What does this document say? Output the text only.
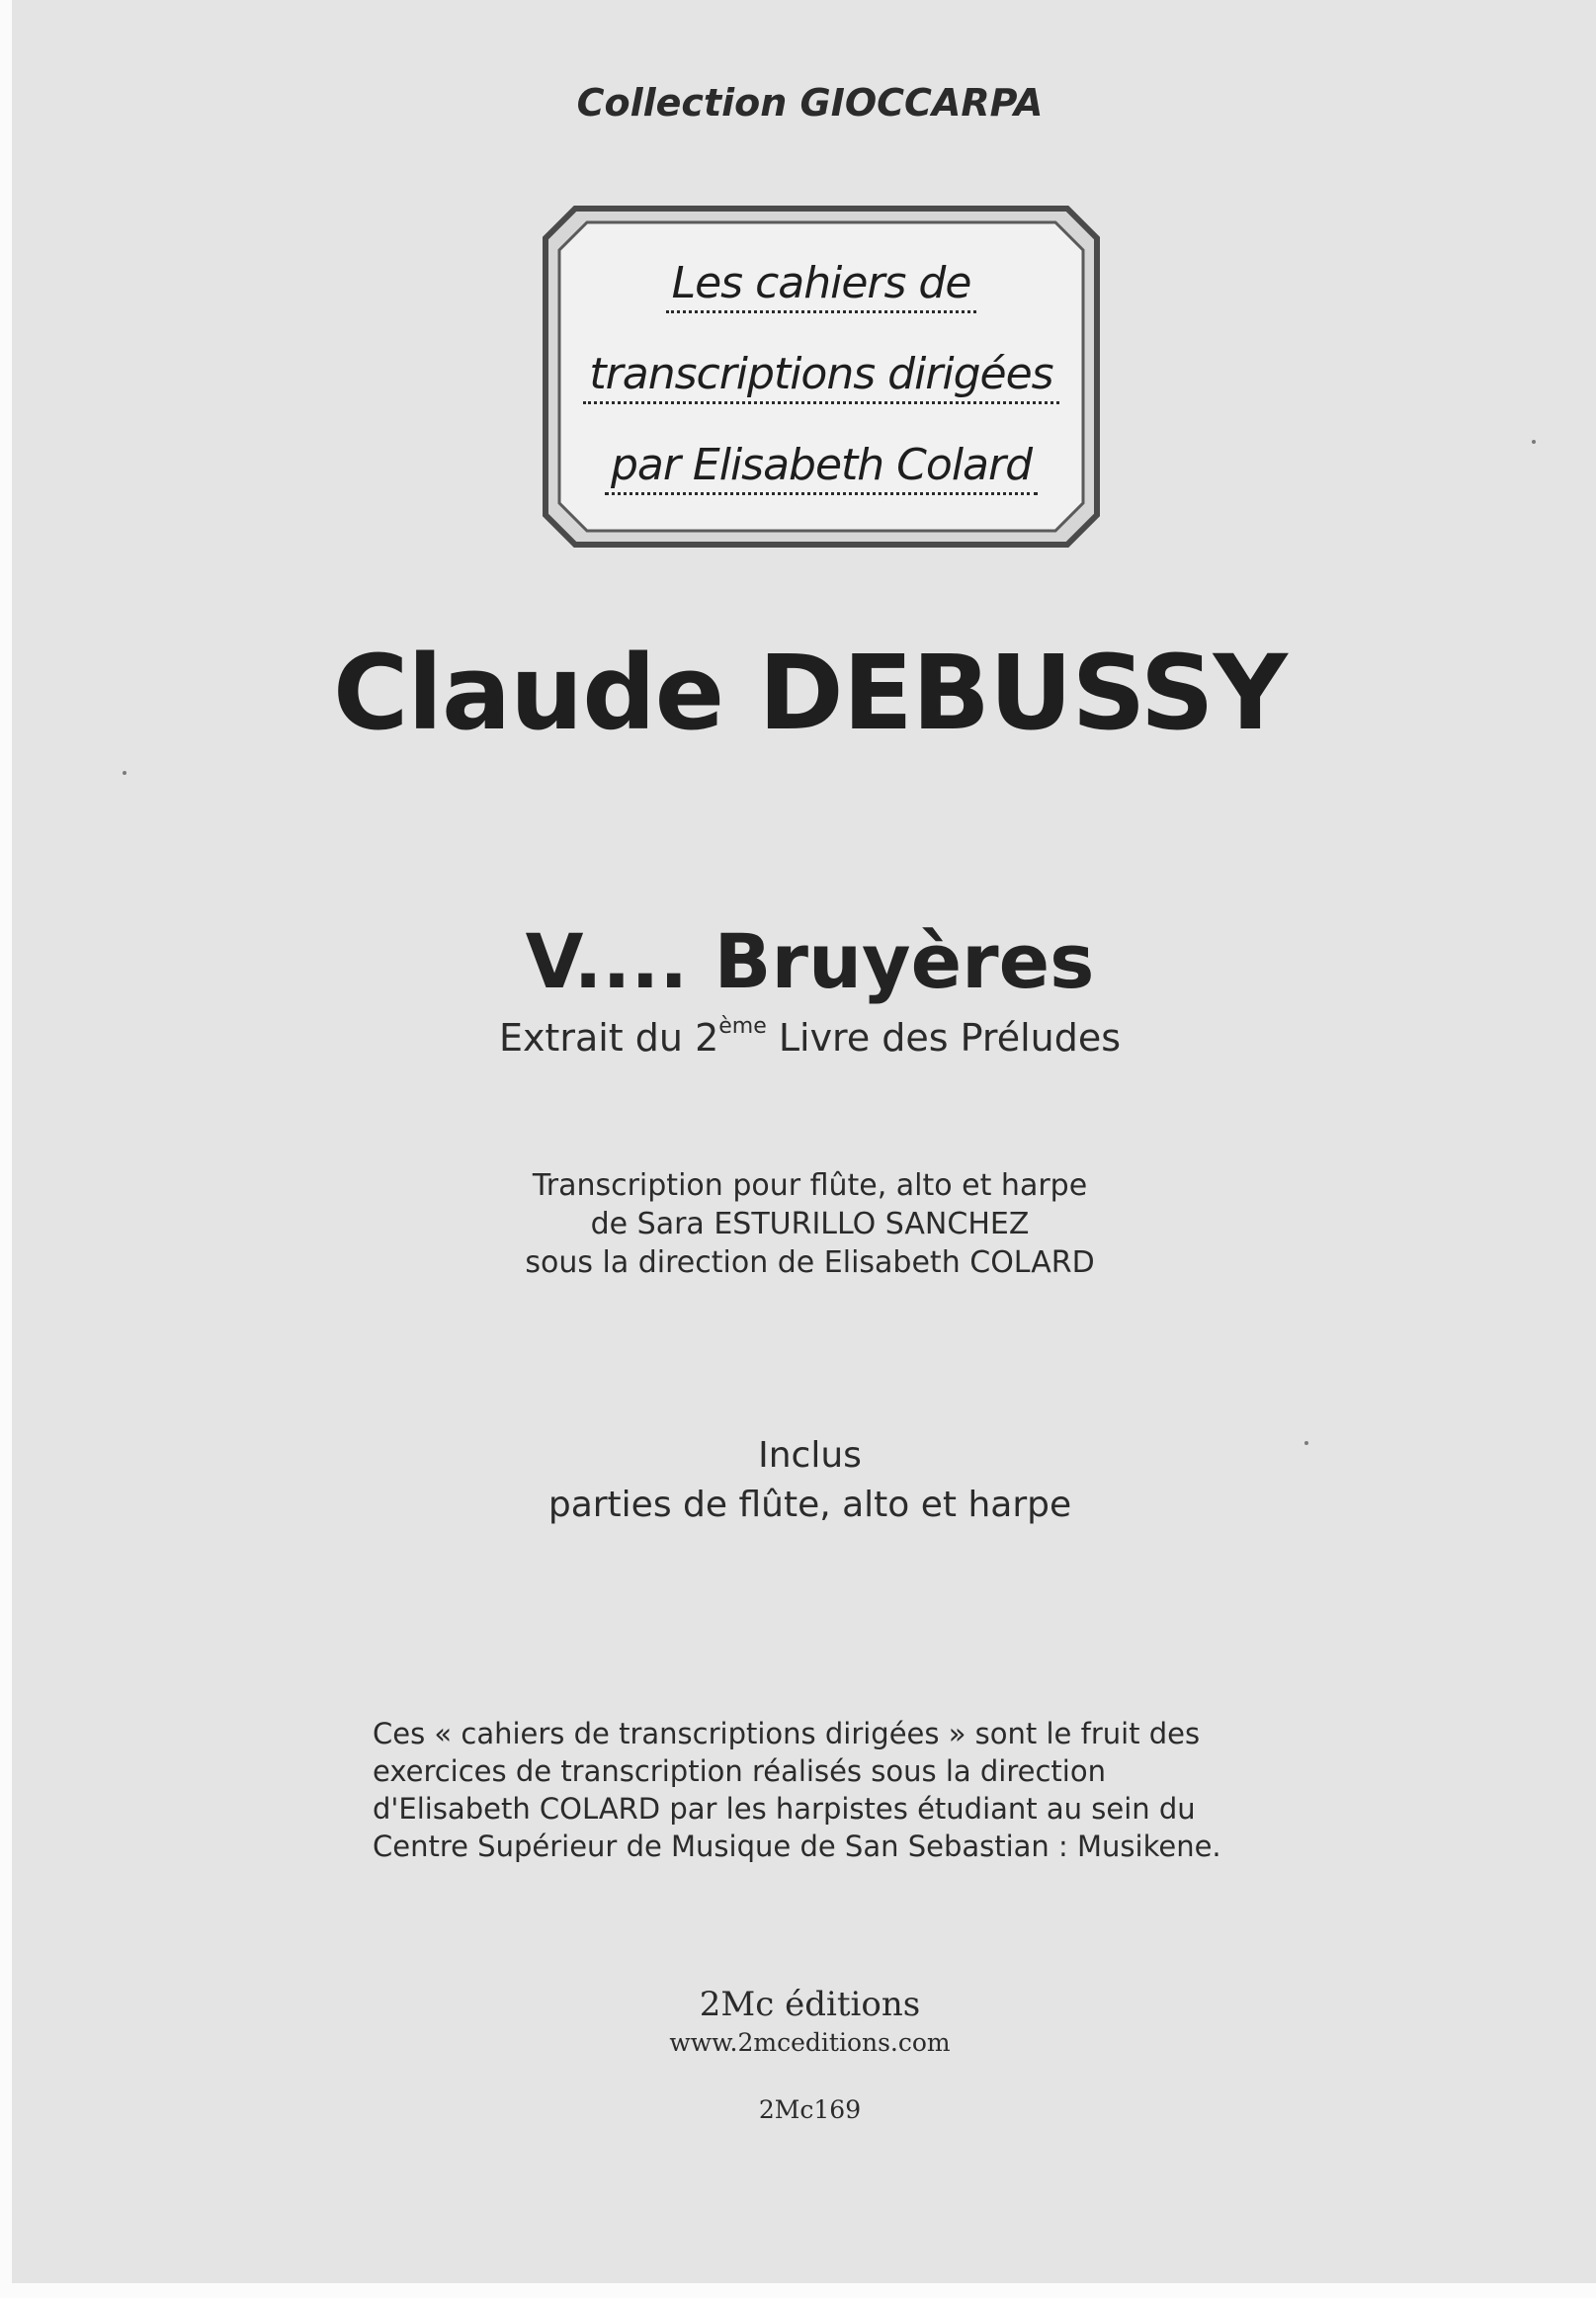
Collection GIOCCARPA

Les cahiers de
transcriptions dirigées
par Elisabeth Colard
Claude DEBUSSY
V.... Bruyères

Extrait du 2ème Livre des Préludes

Transcription pour flûte, alto et harpe
de Sara ESTURILLO SANCHEZ
sous la direction de Elisabeth COLARD
Inclus
parties de flûte, alto et harpe

Ces « cahiers de transcriptions dirigées » sont le fruit des exercices de transcription réalisés sous la direction d'Elisabeth COLARD par les harpistes étudiant au sein du Centre Supérieur de Musique de San Sebastian : Musikene.

2Mc éditions

www.2mceditions.com

2Mc169
